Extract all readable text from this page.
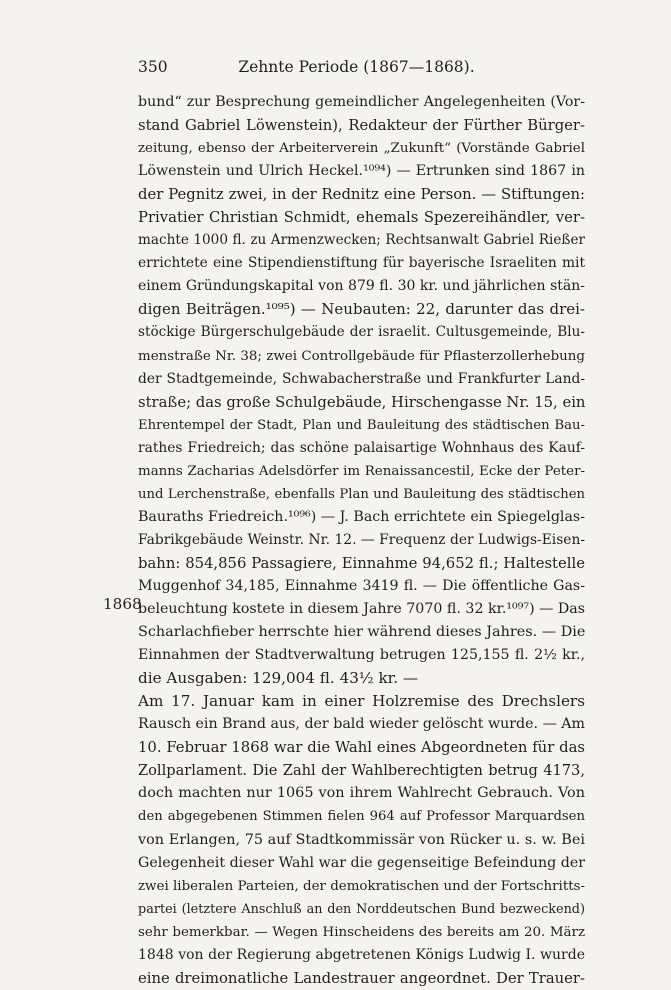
350	Zehnte Periode (1867—1868).
1868
bund“ zur Besprechung gemeindlicher Angelegenheiten (Vor-
stand Gabriel Löwenstein), Redakteur der Fürther Bürger-
zeitung, ebenso der Arbeiterverein „Zukunft“ (Vorstände Gabriel
Löwenstein und Ulrich Heckel.¹⁰⁹⁴) — Ertrunken sind 1867 in
der Pegnitz zwei, in der Rednitz eine Person. — Stiftungen:
Privatier Christian Schmidt, ehemals Spezereihändler, ver-
machte 1000 fl. zu Armenzwecken; Rechtsanwalt Gabriel Rießer
errichtete eine Stipendienstiftung für bayerische Israeliten mit
einem Gründungskapital von 879 fl. 30 kr. und jährlichen stän-
digen Beiträgen.¹⁰⁹⁵) — Neubauten: 22, darunter das drei-
stöckige Bürgerschulgebäude der israelit. Cultusgemeinde, Blu-
menstraße Nr. 38; zwei Controllgebäude für Pflasterzollerhebung
der Stadtgemeinde, Schwabacherstraße und Frankfurter Land-
straße; das große Schulgebäude, Hirschengasse Nr. 15, ein
Ehrentempel der Stadt, Plan und Bauleitung des städtischen Bau-
rathes Friedreich; das schöne palaisartige Wohnhaus des Kauf-
manns Zacharias Adelsdörfer im Renaissancestil, Ecke der Peter-
und Lerchenstraße, ebenfalls Plan und Bauleitung des städtischen
Bauraths Friedreich.¹⁰⁹⁶) — J. Bach errichtete ein Spiegelglas-
Fabrikgebäude Weinstr. Nr. 12. — Frequenz der Ludwigs-Eisen-
bahn: 854,856 Passagiere, Einnahme 94,652 fl.; Haltestelle
Muggenhof 34,185, Einnahme 3419 fl. — Die öffentliche Gas-
beleuchtung kostete in diesem Jahre 7070 fl. 32 kr.¹⁰⁹⁷) — Das
Scharlachfieber herrschte hier während dieses Jahres. — Die
Einnahmen der Stadtverwaltung betrugen 125,155 fl. 2½ kr.,
die Ausgaben: 129,004 fl. 43½ kr. —
Am 17. Januar kam in einer Holzremise des Drechslers
Rausch ein Brand aus, der bald wieder gelöscht wurde. — Am
10. Februar 1868 war die Wahl eines Abgeordneten für das
Zollparlament. Die Zahl der Wahlberechtigten betrug 4173,
doch machten nur 1065 von ihrem Wahlrecht Gebrauch. Von
den abgegebenen Stimmen fielen 964 auf Professor Marquardsen
von Erlangen, 75 auf Stadtkommissär von Rücker u. s. w. Bei
Gelegenheit dieser Wahl war die gegenseitige Befeindung der
zwei liberalen Parteien, der demokratischen und der Fortschritts-
partei (letztere Anschluß an den Norddeutschen Bund bezweckend)
sehr bemerkbar. — Wegen Hinscheidens des bereits am 20. März
1848 von der Regierung abgetretenen Königs Ludwig I. wurde
eine dreimonatliche Landestrauer angeordnet. Der Trauer-
